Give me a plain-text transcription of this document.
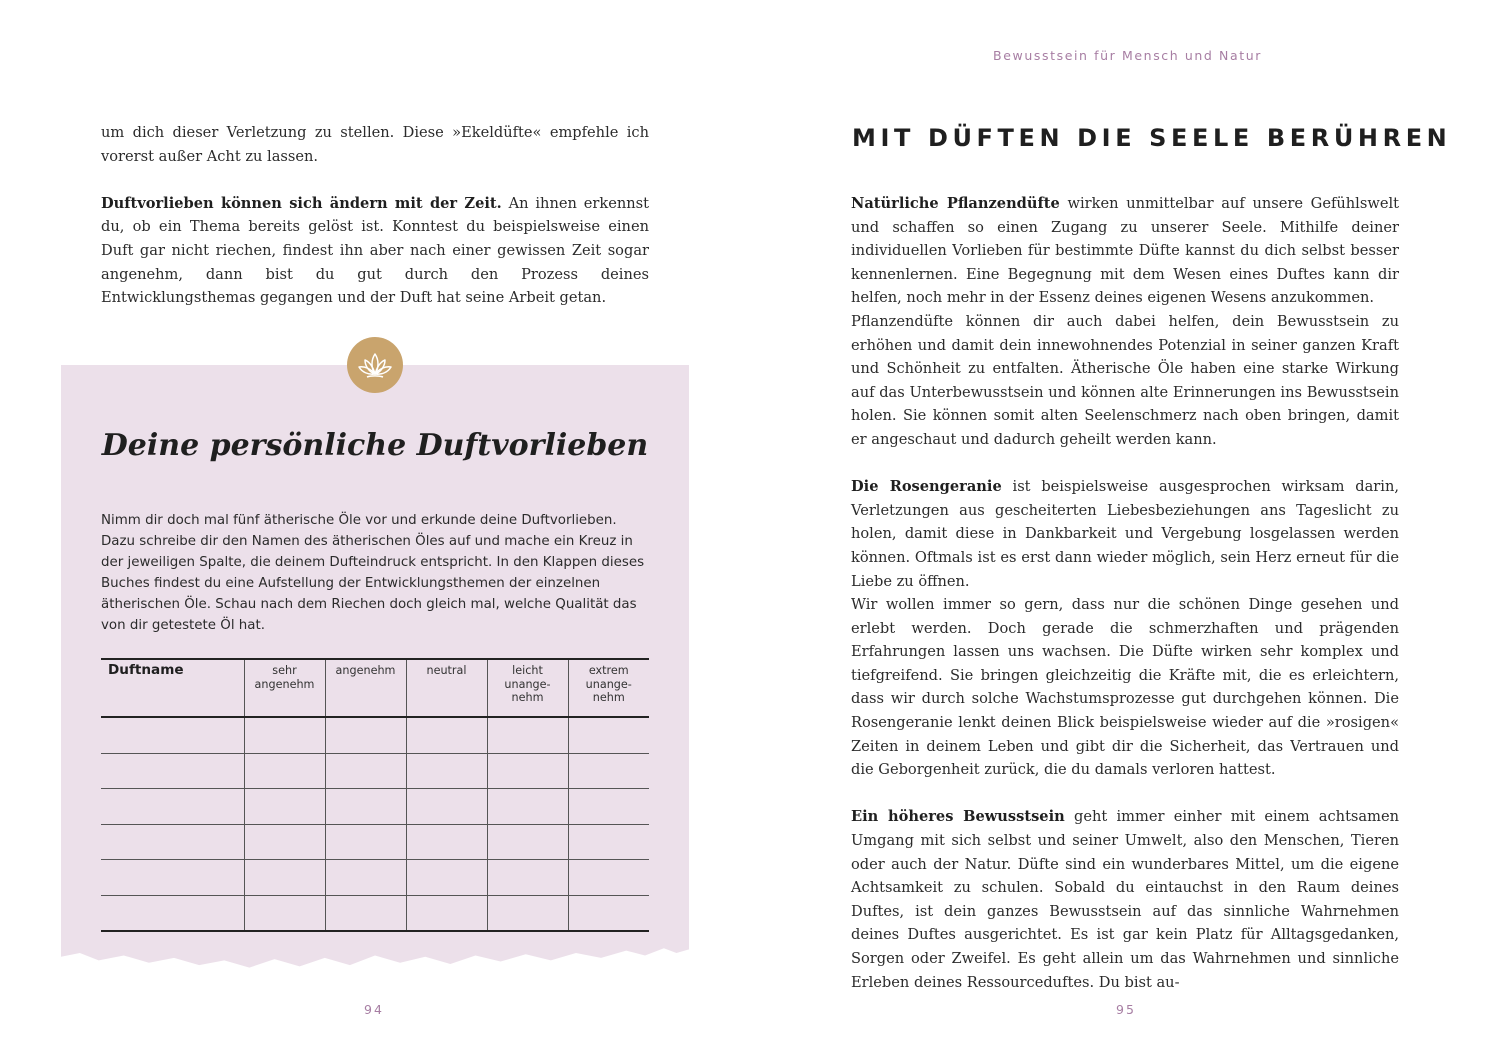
um dich dieser Verletzung zu stellen. Diese »Ekeldüfte« empfehle ich vorerst außer Acht zu lassen.

Duftvorlieben können sich ändern mit der Zeit. An ihnen erkennst du, ob ein Thema bereits gelöst ist. Konntest du beispielsweise einen Duft gar nicht riechen, findest ihn aber nach einer gewissen Zeit sogar angenehm, dann bist du gut durch den Prozess deines Entwicklungsthemas gegangen und der Duft hat seine Arbeit getan.

Deine persönliche Duftvorlieben

Nimm dir doch mal fünf ätherische Öle vor und erkunde deine Duftvorlieben. Dazu schreibe dir den Namen des ätherischen Öles auf und mache ein Kreuz in der jeweiligen Spalte, die deinem Dufteindruck entspricht. In den Klappen dieses Buches findest du eine Aufstellung der Entwicklungsthemen der einzelnen ätherischen Öle. Schau nach dem Riechen doch gleich mal, welche Qualität das von dir getestete Öl hat.

Duftname	sehr angenehm	angenehm	neutral	leicht unange-nehm	extrem unange-nehm

94
Bewusstsein für Mensch und Natur
MIT DÜFTEN DIE SEELE BERÜHREN

Natürliche Pflanzendüfte wirken unmittelbar auf unsere Gefühlswelt und schaffen so einen Zugang zu unserer Seele. Mithilfe deiner individuellen Vorlieben für bestimmte Düfte kannst du dich selbst besser kennenlernen. Eine Begegnung mit dem Wesen eines Duftes kann dir helfen, noch mehr in der Essenz deines eigenen Wesens anzukommen.

Pflanzendüfte können dir auch dabei helfen, dein Bewusstsein zu erhöhen und damit dein innewohnendes Potenzial in seiner ganzen Kraft und Schönheit zu entfalten. Ätherische Öle haben eine starke Wirkung auf das Unterbewusstsein und können alte Erinnerungen ins Bewusstsein holen. Sie können somit alten Seelenschmerz nach oben bringen, damit er angeschaut und dadurch geheilt werden kann.

Die Rosengeranie ist beispielsweise ausgesprochen wirksam darin, Verletzungen aus gescheiterten Liebesbeziehungen ans Tageslicht zu holen, damit diese in Dankbarkeit und Vergebung losgelassen werden können. Oftmals ist es erst dann wieder möglich, sein Herz erneut für die Liebe zu öffnen.

Wir wollen immer so gern, dass nur die schönen Dinge gesehen und erlebt werden. Doch gerade die schmerzhaften und prägenden Erfahrungen lassen uns wachsen. Die Düfte wirken sehr komplex und tiefgreifend. Sie bringen gleichzeitig die Kräfte mit, die es erleichtern, dass wir durch solche Wachstumsprozesse gut durchgehen können. Die Rosengeranie lenkt deinen Blick beispielsweise wieder auf die »rosigen« Zeiten in deinem Leben und gibt dir die Sicherheit, das Vertrauen und die Geborgenheit zurück, die du damals verloren hattest.

Ein höheres Bewusstsein geht immer einher mit einem achtsamen Umgang mit sich selbst und seiner Umwelt, also den Menschen, Tieren oder auch der Natur. Düfte sind ein wunderbares Mittel, um die eigene Achtsamkeit zu schulen. Sobald du eintauchst in den Raum deines Duftes, ist dein ganzes Bewusstsein auf das sinnliche Wahrnehmen deines Duftes ausgerichtet. Es ist gar kein Platz für Alltagsgedanken, Sorgen oder Zweifel. Es geht allein um das Wahrnehmen und sinnliche Erleben deines Ressourceduftes. Du bist au-

95
